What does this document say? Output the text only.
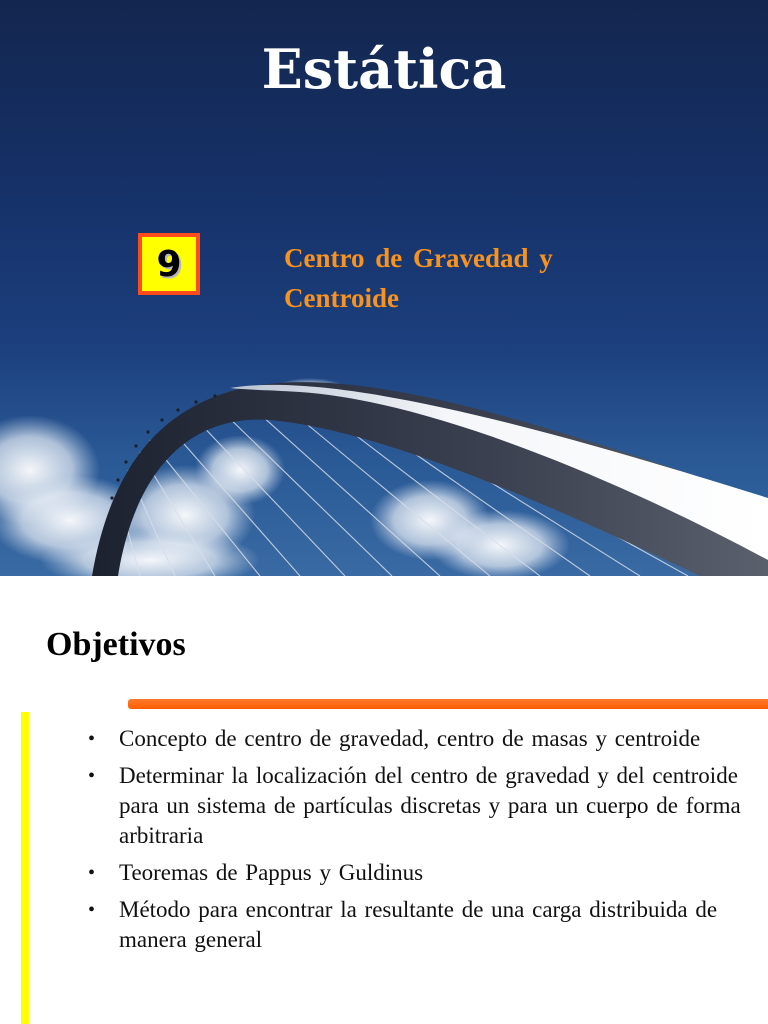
Estática
9	Centro de Gravedad y Centroide
Objetivos
• Concepto de centro de gravedad, centro de masas y centroide
• Determinar la localización del centro de gravedad y del centroide para un sistema de partículas discretas y para un cuerpo de forma arbitraria
• Teoremas de Pappus y Guldinus
• Método para encontrar la resultante de una carga distribuida de manera general
